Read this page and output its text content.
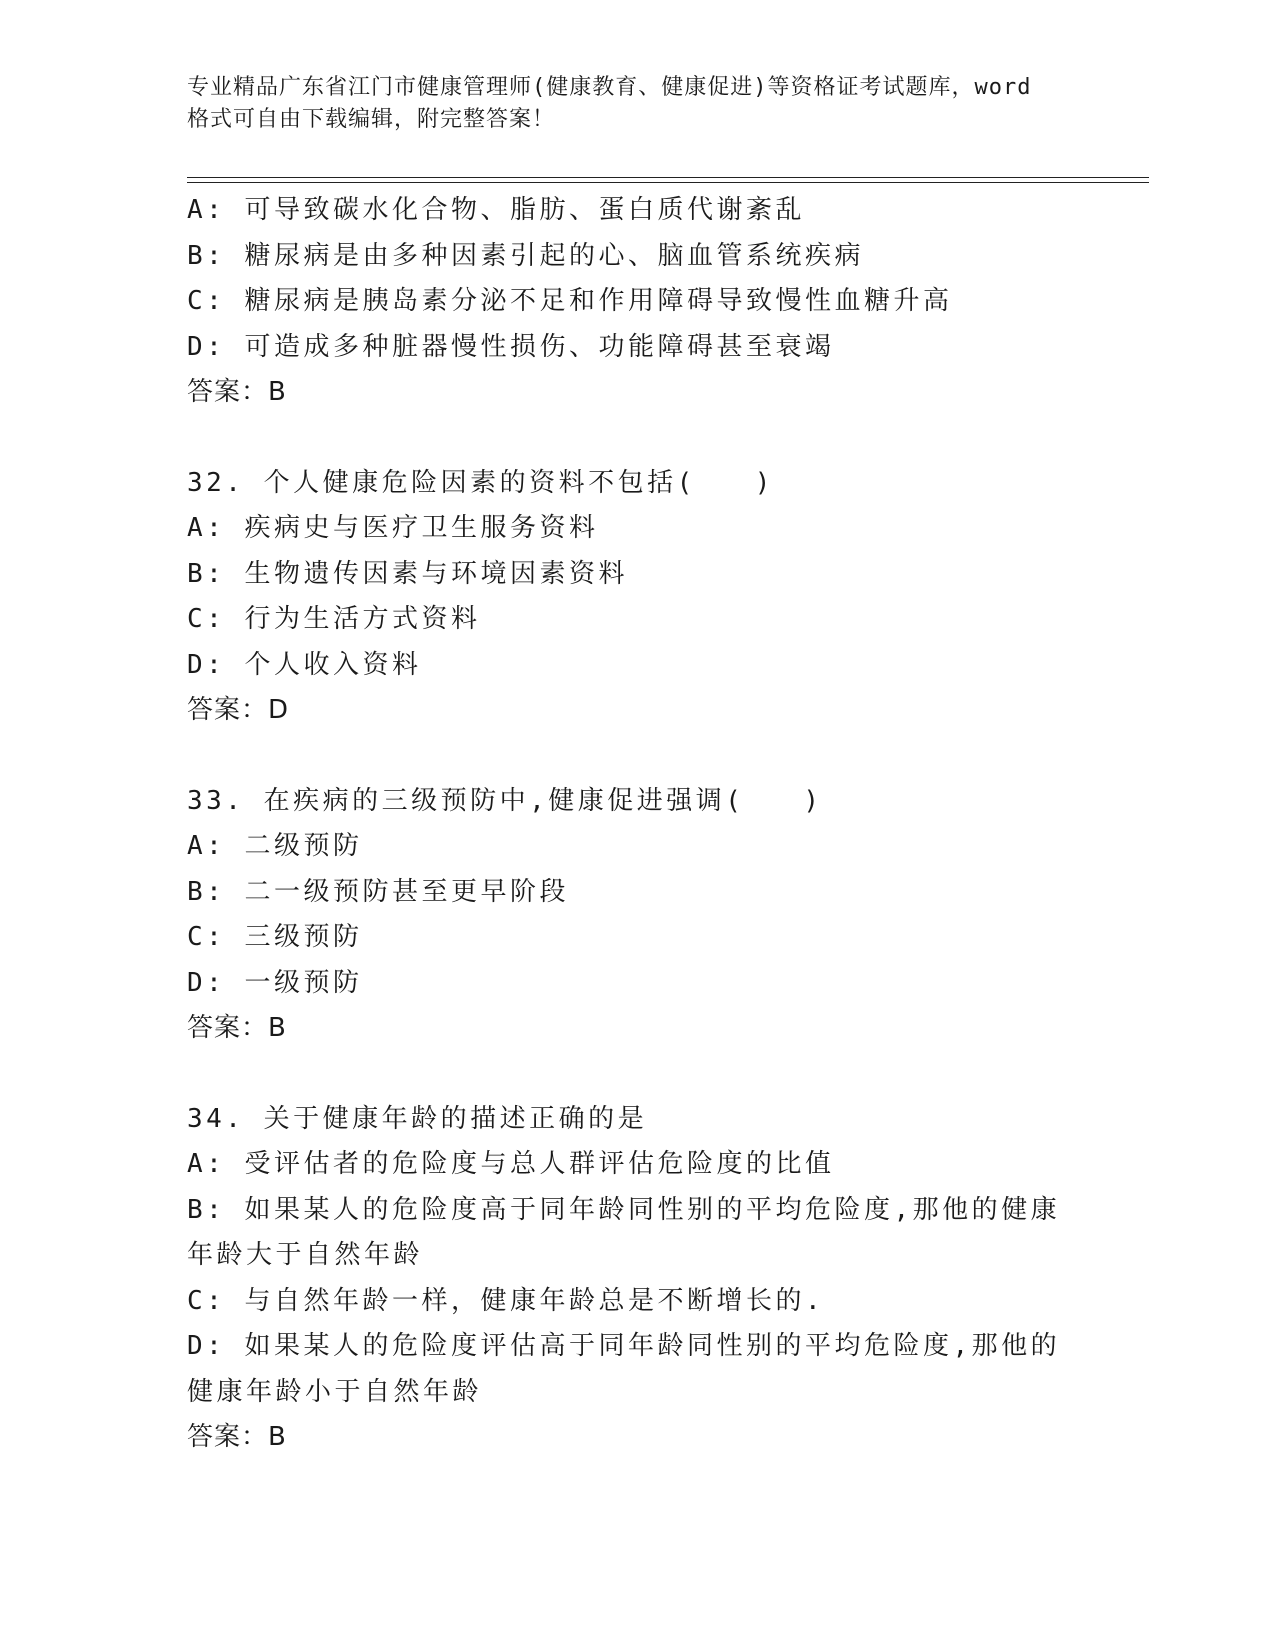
专业精品广东省江门市健康管理师(健康教育、健康促进)等资格证考试题库，word
格式可自由下载编辑，附完整答案！
A: 可导致碳水化合物、脂肪、蛋白质代谢紊乱
B: 糖尿病是由多种因素引起的心、脑血管系统疾病
C: 糖尿病是胰岛素分泌不足和作用障碍导致慢性血糖升高
D: 可造成多种脏器慢性损伤、功能障碍甚至衰竭
答案：B
32. 个人健康危险因素的资料不包括(　　)
A: 疾病史与医疗卫生服务资料
B: 生物遗传因素与环境因素资料
C: 行为生活方式资料
D: 个人收入资料
答案：D
33. 在疾病的三级预防中,健康促进强调(　　)
A: 二级预防
B: 二一级预防甚至更早阶段
C: 三级预防
D: 一级预防
答案：B
34. 关于健康年龄的描述正确的是
A: 受评估者的危险度与总人群评估危险度的比值
B: 如果某人的危险度高于同年龄同性别的平均危险度,那他的健康年龄大于自然年龄
C: 与自然年龄一样，健康年龄总是不断增长的.
D: 如果某人的危险度评估高于同年龄同性别的平均危险度,那他的健康年龄小于自然年龄
答案：B
